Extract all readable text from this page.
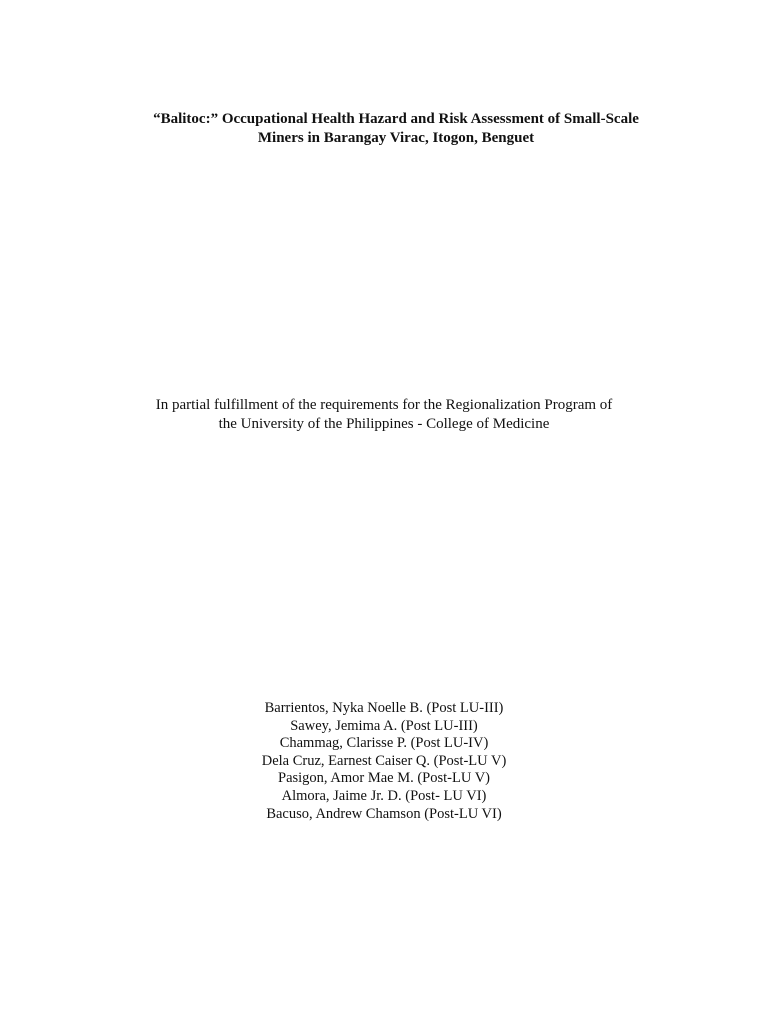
“Balitoc:” Occupational Health Hazard and Risk Assessment of Small-Scale
Miners in Barangay Virac, Itogon, Benguet
In partial fulfillment of the requirements for the Regionalization Program of
the University of the Philippines - College of Medicine
Barrientos, Nyka Noelle B. (Post LU-III)
Sawey, Jemima A. (Post LU-III)
Chammag, Clarisse P. (Post LU-IV)
Dela Cruz, Earnest Caiser Q. (Post-LU V)
Pasigon, Amor Mae M. (Post-LU V)
Almora, Jaime Jr. D. (Post- LU VI)
Bacuso, Andrew Chamson (Post-LU VI)
